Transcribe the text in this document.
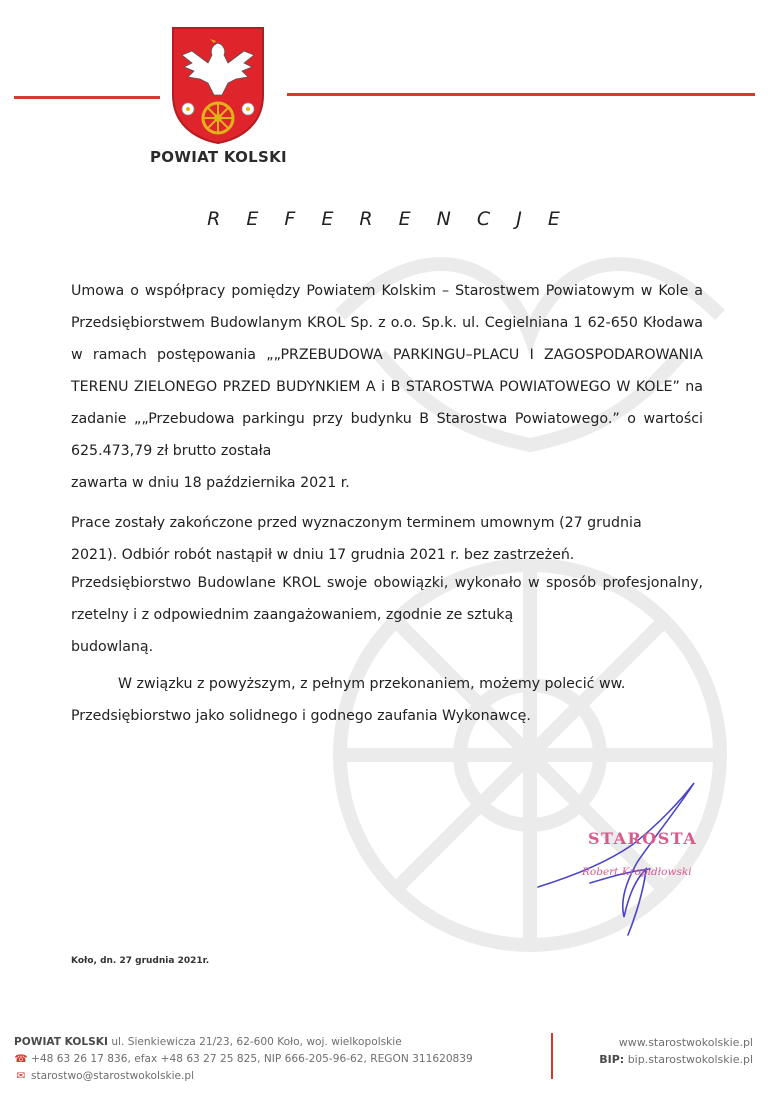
POWIAT KOLSKI
R E F E R E N C J E
Umowa o współpracy pomiędzy Powiatem Kolskim – Starostwem Powiatowym w Kole a Przedsiębiorstwem Budowlanym KROL Sp. z o.o. Sp.k. ul. Cegielniana 1 62-650 Kłodawa w ramach postępowania „„PRZEBUDOWA PARKINGU–PLACU I ZAGOSPODAROWANIA TERENU ZIELONEGO PRZED BUDYNKIEM A i B STAROSTWA POWIATOWEGO W KOLE” na zadanie „„Przebudowa parkingu przy budynku B Starostwa Powiatowego.” o wartości 625.473,79 zł brutto została
zawarta w dniu 18 października 2021 r.
Prace zostały zakończone przed wyznaczonym terminem umownym (27 grudnia
2021). Odbiór robót nastąpił w dniu 17 grudnia 2021 r. bez zastrzeżeń.
Przedsiębiorstwo Budowlane KROL swoje obowiązki, wykonało w sposób profesjonalny, rzetelny i z odpowiednim zaangażowaniem, zgodnie ze sztuką
budowlaną.
W związku z powyższym, z pełnym przekonaniem, możemy polecić ww.
Przedsiębiorstwo jako solidnego i godnego zaufania Wykonawcę.
STAROSTA
Robert Kropidłowski
Koło, dn. 27 grudnia 2021r.
POWIAT KOLSKI ul. Sienkiewicza 21/23, 62-600 Koło, woj. wielkopolskie
☎ +48 63 26 17 836, efax +48 63 27 25 825, NIP 666-205-96-62, REGON 311620839
✉ starostwo@starostwokolskie.pl
www.starostwokolskie.pl
BIP: bip.starostwokolskie.pl
